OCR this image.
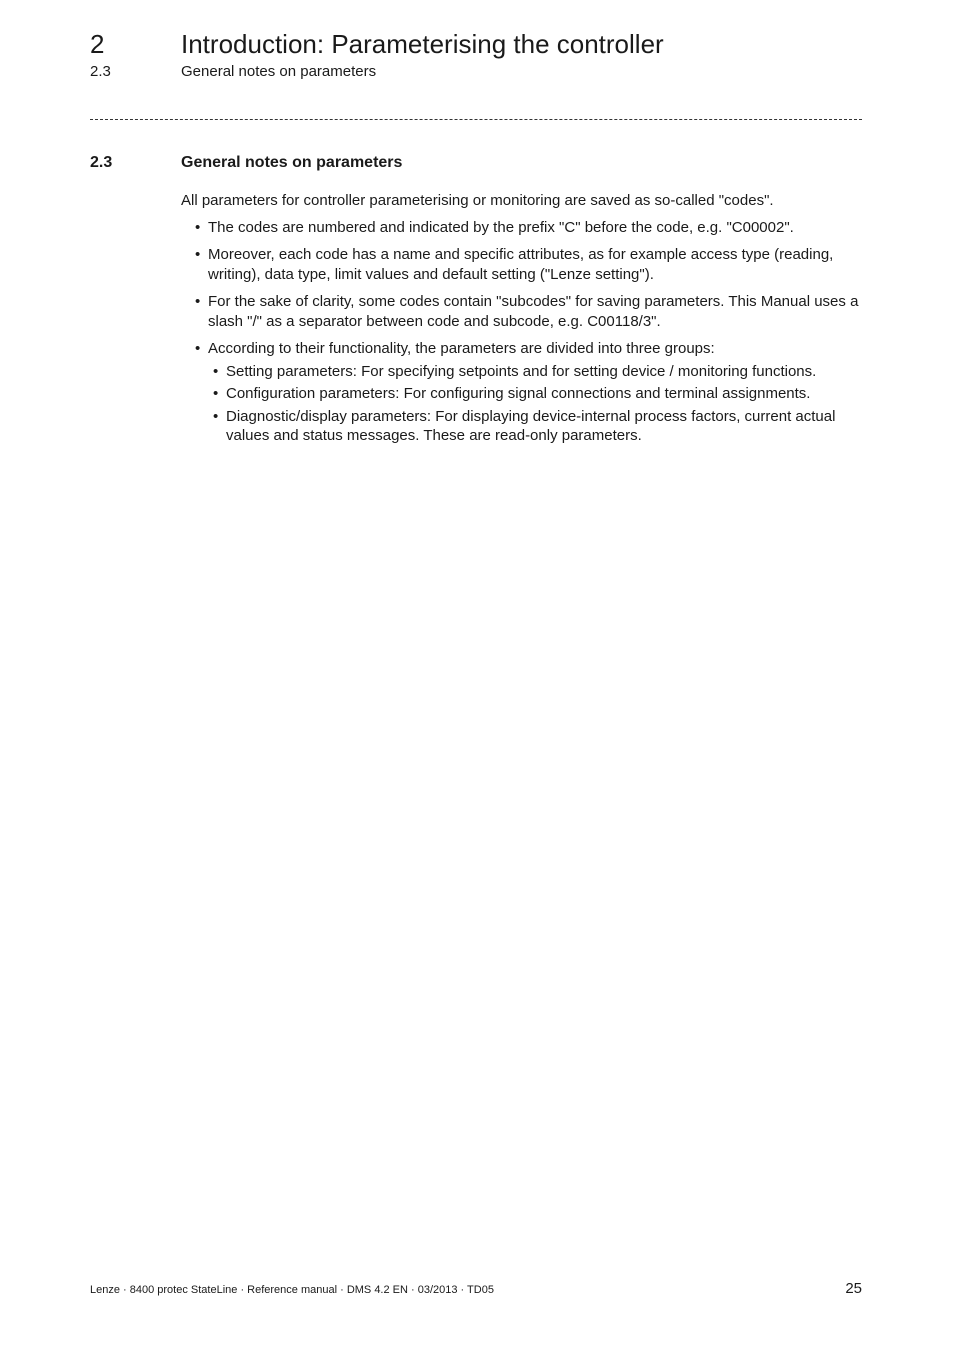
2	Introduction: Parameterising the controller
2.3	General notes on parameters
2.3	General notes on parameters

All parameters for controller parameterising or monitoring are saved as so-called "codes".

• The codes are numbered and indicated by the prefix "C" before the code, e.g. "C00002".
• Moreover, each code has a name and specific attributes, as for example access type (reading, writing), data type, limit values and default setting ("Lenze setting").
• For the sake of clarity, some codes contain "subcodes" for saving parameters. This Manual uses a slash "/" as a separator between code and subcode, e.g. C00118/3".
• According to their functionality, the parameters are divided into three groups:
• Setting parameters: For specifying setpoints and for setting device / monitoring functions.
• Configuration parameters: For configuring signal connections and terminal assignments.
• Diagnostic/display parameters: For displaying device-internal process factors, current actual values and status messages. These are read-only parameters.
Lenze · 8400 protec StateLine · Reference manual · DMS 4.2 EN · 03/2013 · TD05	25
